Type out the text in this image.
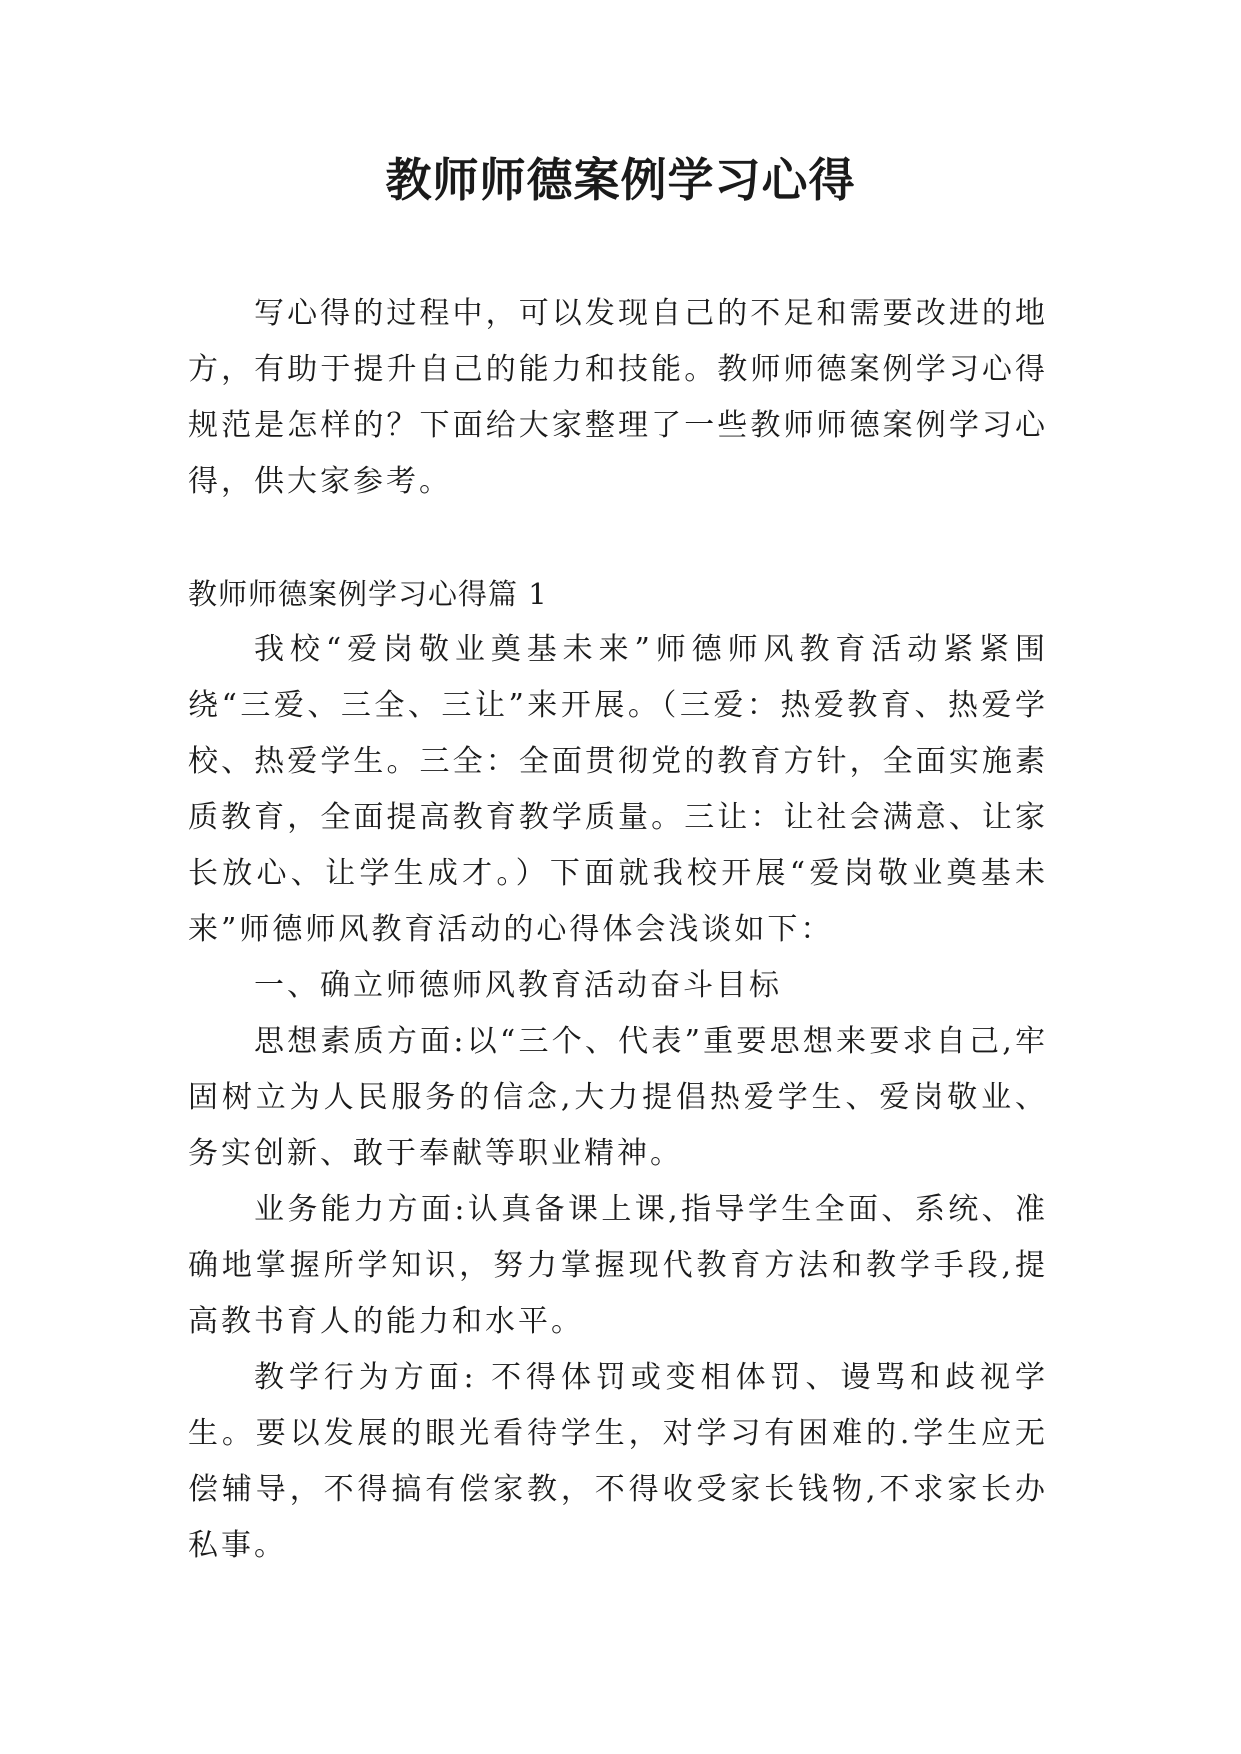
教师师德案例学习心得

写心得的过程中，可以发现自己的不足和需要改进的地方，有助于提升自己的能力和技能。教师师德案例学习心得规范是怎样的？下面给大家整理了一些教师师德案例学习心得，供大家参考。

教师师德案例学习心得篇 1

我校“爱岗敬业奠基未来”师德师风教育活动紧紧围绕“三爱、三全、三让”来开展。（三爱：热爱教育、热爱学校、热爱学生。三全：全面贯彻党的教育方针，全面实施素质教育，全面提高教育教学质量。三让：让社会满意、让家长放心、让学生成才。）下面就我校开展“爱岗敬业奠基未来”师德师风教育活动的心得体会浅谈如下：

一、确立师德师风教育活动奋斗目标

思想素质方面:以“三个、代表”重要思想来要求自己,牢固树立为人民服务的信念,大力提倡热爱学生、爱岗敬业、务实创新、敢于奉献等职业精神。

业务能力方面:认真备课上课,指导学生全面、系统、准确地掌握所学知识，努力掌握现代教育方法和教学手段,提高教书育人的能力和水平。

教学行为方面: 不得体罚或变相体罚、谩骂和歧视学生。要以发展的眼光看待学生，对学习有困难的.学生应无偿辅导，不得搞有偿家教，不得收受家长钱物,不求家长办私事。
